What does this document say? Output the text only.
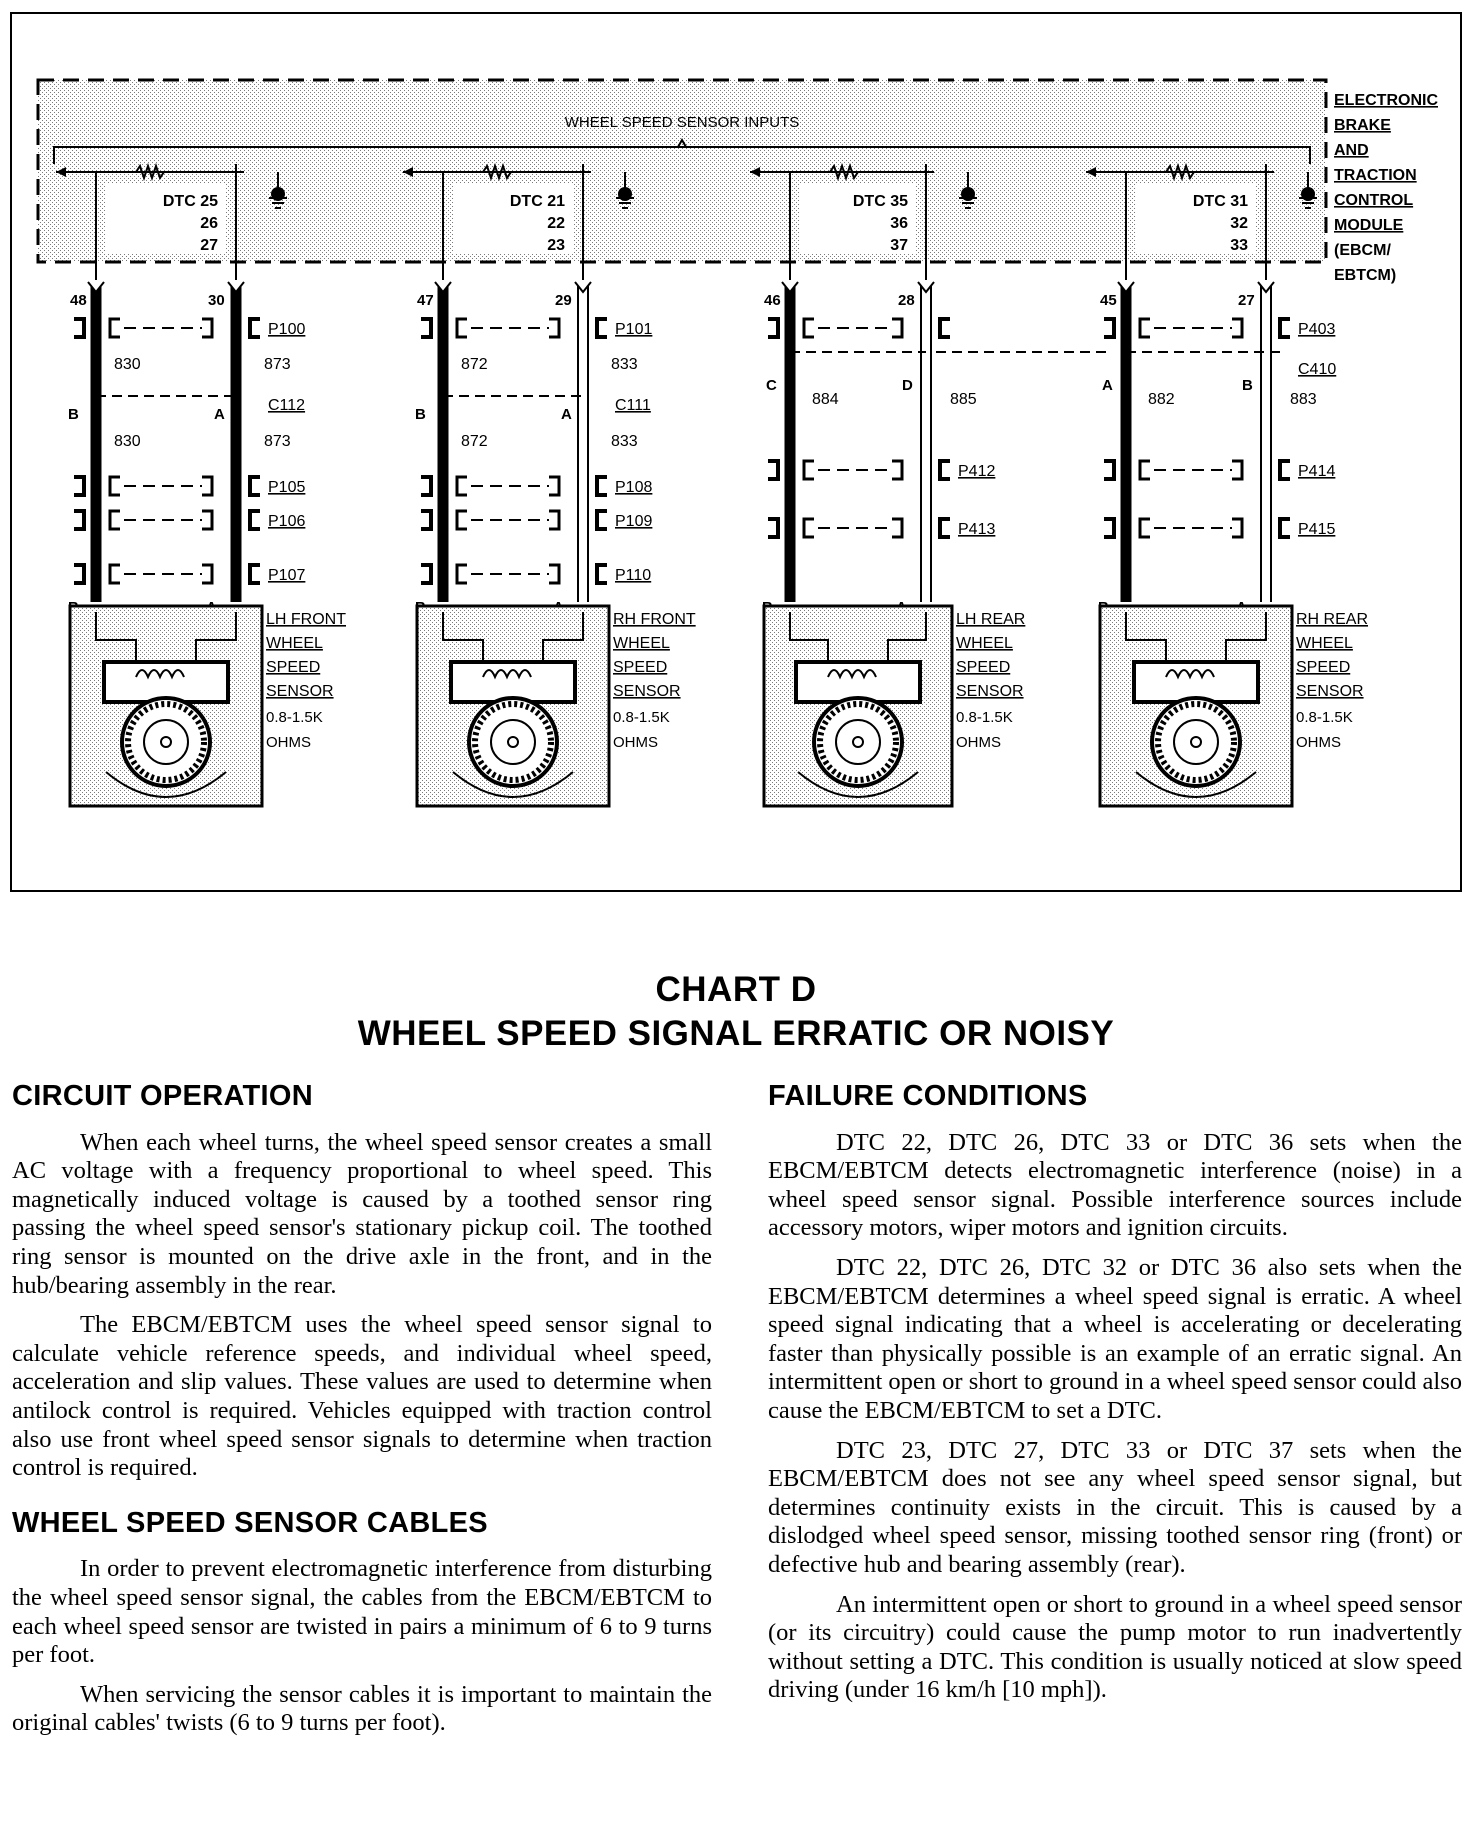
WHEEL SPEED SENSOR INPUTS
ELECTRONIC
BRAKE
AND
TRACTION
CONTROL
MODULE
(EBCM/
EBTCM)
DTC 25
26
27
48	30
P100
830	873
B	A
C112
830	873
P105
P106
P107
LH FRONT
WHEEL
SPEED
SENSOR
0.8-1.5K
OHMS
DTC 21
22
23
47	29
P101
872	833
B	A
C111
872	833
P108
P109
P110
RH FRONT
WHEEL
SPEED
SENSOR
0.8-1.5K
OHMS
DTC 35
36
37
46	28
C	D
884	885
P412
P413
LH REAR
WHEEL
SPEED
SENSOR
0.8-1.5K
OHMS
DTC 31
32
33
45	27
P403
A	B
C410
882	883
P414
P415
RH REAR
WHEEL
SPEED
SENSOR
0.8-1.5K
OHMS
CHART D
WHEEL SPEED SIGNAL ERRATIC OR NOISY
CIRCUIT OPERATION

When each wheel turns, the wheel speed sensor creates a small AC voltage with a frequency proportional to wheel speed. This magnetically induced voltage is caused by a toothed sensor ring passing the wheel speed sensor's stationary pickup coil. The toothed ring sensor is mounted on the drive axle in the front, and in the hub/bearing assembly in the rear.

The EBCM/EBTCM uses the wheel speed sensor signal to calculate vehicle reference speeds, and individual wheel speed, acceleration and slip values. These values are used to determine when antilock control is required. Vehicles equipped with traction control also use front wheel speed sensor signals to determine when traction control is required.

WHEEL SPEED SENSOR CABLES

In order to prevent electromagnetic interference from disturbing the wheel speed sensor signal, the cables from the EBCM/EBTCM to each wheel speed sensor are twisted in pairs a minimum of 6 to 9 turns per foot.

When servicing the sensor cables it is important to maintain the original cables' twists (6 to 9 turns per foot).

FAILURE CONDITIONS

DTC 22, DTC 26, DTC 33 or DTC 36 sets when the EBCM/EBTCM detects electromagnetic interference (noise) in a wheel speed sensor signal. Possible interference sources include accessory motors, wiper motors and ignition circuits.

DTC 22, DTC 26, DTC 32 or DTC 36 also sets when the EBCM/EBTCM determines a wheel speed signal is erratic. A wheel speed signal indicating that a wheel is accelerating or decelerating faster than physically possible is an example of an erratic signal. An intermittent open or short to ground in a wheel speed sensor could also cause the EBCM/EBTCM to set a DTC.

DTC 23, DTC 27, DTC 33 or DTC 37 sets when the EBCM/EBTCM does not see any wheel speed sensor signal, but determines continuity exists in the circuit. This is caused by a dislodged wheel speed sensor, missing toothed sensor ring (front) or defective hub and bearing assembly (rear).

An intermittent open or short to ground in a wheel speed sensor (or its circuitry) could cause the pump motor to run inadvertently without setting a DTC. This condition is usually noticed at slow speed driving (under 16 km/h [10 mph]).
